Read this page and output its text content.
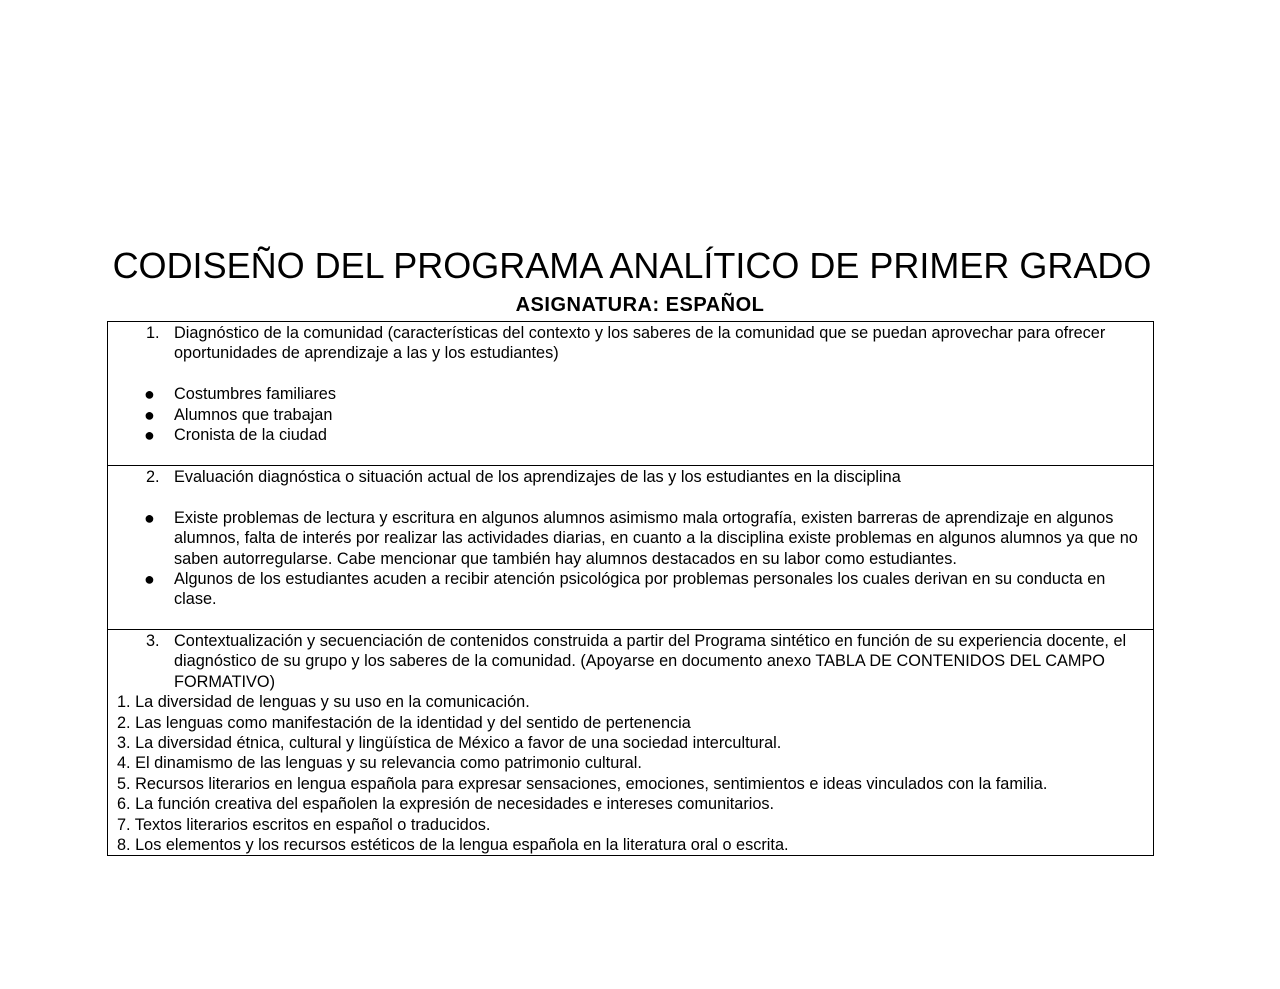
CODISEÑO DEL PROGRAMA ANALÍTICO DE PRIMER GRADO
ASIGNATURA: ESPAÑOL
1. Diagnóstico de la comunidad (características del contexto y los saberes de la comunidad que se puedan aprovechar para ofrecer oportunidades de aprendizaje a las y los estudiantes)
● Costumbres familiares
● Alumnos que trabajan
● Cronista de la ciudad
2. Evaluación diagnóstica o situación actual de los aprendizajes de las y los estudiantes en la disciplina
● Existe problemas de lectura y escritura en algunos alumnos asimismo mala ortografía, existen barreras de aprendizaje en algunos alumnos, falta de interés por realizar las actividades diarias, en cuanto a la disciplina existe problemas en algunos alumnos ya que no saben autorregularse. Cabe mencionar que también hay alumnos destacados en su labor como estudiantes.
● Algunos de los estudiantes acuden a recibir atención psicológica por problemas personales los cuales derivan en su conducta en clase.
3. Contextualización y secuenciación de contenidos construida a partir del Programa sintético en función de su experiencia docente, el diagnóstico de su grupo y los saberes de la comunidad. (Apoyarse en documento anexo TABLA DE CONTENIDOS DEL CAMPO FORMATIVO)
1. La diversidad de lenguas y su uso en la comunicación.
2. Las lenguas como manifestación de la identidad y del sentido de pertenencia
3. La diversidad étnica, cultural y lingüística de México a favor de una sociedad intercultural.
4. El dinamismo de las lenguas y su relevancia como patrimonio cultural.
5. Recursos literarios en lengua española para expresar sensaciones, emociones, sentimientos e ideas vinculados con la familia.
6. La función creativa del españolen la expresión de necesidades e intereses comunitarios.
7. Textos literarios escritos en español o traducidos.
8. Los elementos y los recursos estéticos de la lengua española en la literatura oral o escrita.
